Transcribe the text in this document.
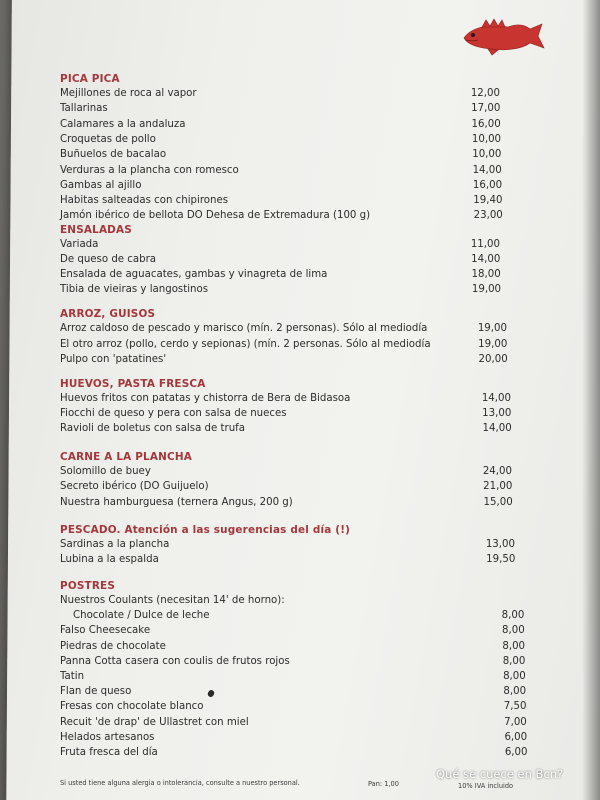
PICA PICA
Mejillones de roca al vapor	12,00
Tallarinas	17,00
Calamares a la andaluza	16,00
Croquetas de pollo	10,00
Buñuelos de bacalao	10,00
Verduras a la plancha con romesco	14,00
Gambas al ajillo	16,00
Habitas salteadas con chipirones	19,40
Jamón ibérico de bellota DO Dehesa de Extremadura (100 g)	23,00
ENSALADAS
Variada	11,00
De queso de cabra	14,00
Ensalada de aguacates, gambas y vinagreta de lima	18,00
Tibia de vieiras y langostinos	19,00
ARROZ, GUISOS
Arroz caldoso de pescado y marisco (mín. 2 personas). Sólo al mediodía	19,00
El otro arroz (pollo, cerdo y sepionas) (mín. 2 personas. Sólo al mediodía	19,00
Pulpo con 'patatines'	20,00
HUEVOS, PASTA FRESCA
Huevos fritos con patatas y chistorra de Bera de Bidasoa	14,00
Fiocchi de queso y pera con salsa de nueces	13,00
Ravioli de boletus con salsa de trufa	14,00
CARNE A LA PLANCHA
Solomillo de buey	24,00
Secreto ibérico (DO Guijuelo)	21,00
Nuestra hamburguesa (ternera Angus, 200 g)	15,00
PESCADO. Atención a las sugerencias del día (!)
Sardinas a la plancha	13,00
Lubina a la espalda	19,50
POSTRES
Nuestros Coulants (necesitan 14' de horno):
Chocolate / Dulce de leche	8,00
Falso Cheesecake	8,00
Piedras de chocolate	8,00
Panna Cotta casera con coulis de frutos rojos	8,00
Tatin	8,00
Flan de queso	8,00
Fresas con chocolate blanco	7,50
Recuit 'de drap' de Ullastret con miel	7,00
Helados artesanos	6,00
Fruta fresca del día	6,00
Si usted tiene alguna alergia o intolerancia, consulte a nuestro personal.	Pan: 1,00	10% IVA incluido
Qué se cuece en Bcn?
